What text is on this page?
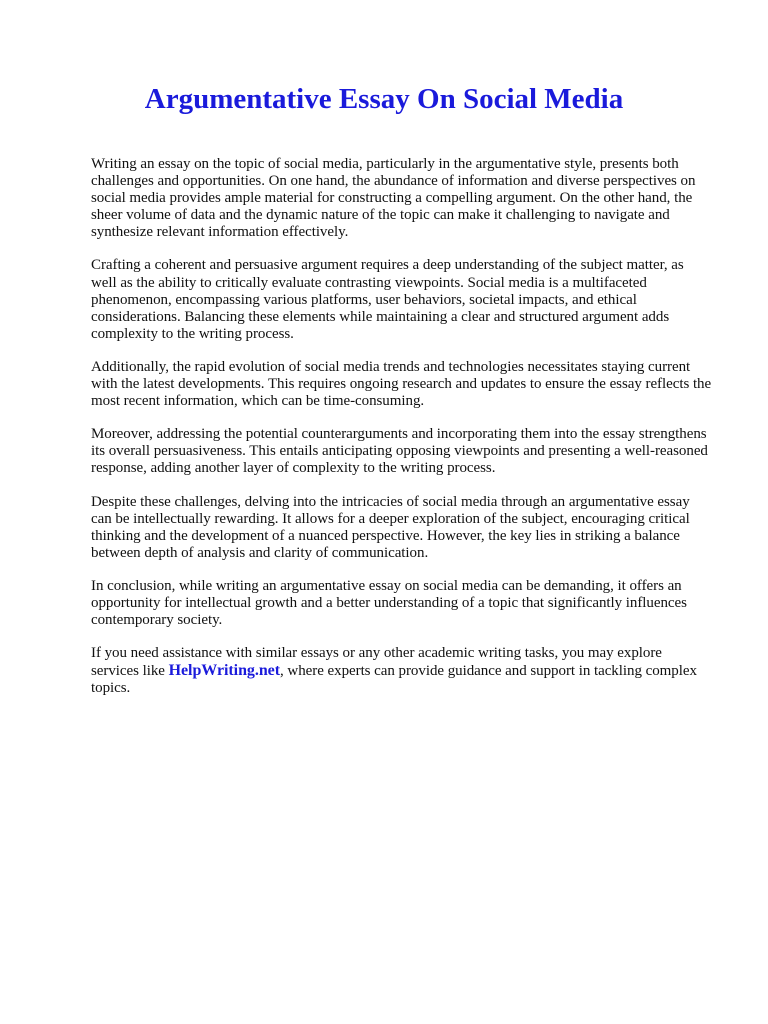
Argumentative Essay On Social Media

Writing an essay on the topic of social media, particularly in the argumentative style, presents both challenges and opportunities. On one hand, the abundance of information and diverse perspectives on social media provides ample material for constructing a compelling argument. On the other hand, the sheer volume of data and the dynamic nature of the topic can make it challenging to navigate and synthesize relevant information effectively.

Crafting a coherent and persuasive argument requires a deep understanding of the subject matter, as well as the ability to critically evaluate contrasting viewpoints. Social media is a multifaceted phenomenon, encompassing various platforms, user behaviors, societal impacts, and ethical considerations. Balancing these elements while maintaining a clear and structured argument adds complexity to the writing process.

Additionally, the rapid evolution of social media trends and technologies necessitates staying current with the latest developments. This requires ongoing research and updates to ensure the essay reflects the most recent information, which can be time-consuming.

Moreover, addressing the potential counterarguments and incorporating them into the essay strengthens its overall persuasiveness. This entails anticipating opposing viewpoints and presenting a well-reasoned response, adding another layer of complexity to the writing process.

Despite these challenges, delving into the intricacies of social media through an argumentative essay can be intellectually rewarding. It allows for a deeper exploration of the subject, encouraging critical thinking and the development of a nuanced perspective. However, the key lies in striking a balance between depth of analysis and clarity of communication.

In conclusion, while writing an argumentative essay on social media can be demanding, it offers an opportunity for intellectual growth and a better understanding of a topic that significantly influences contemporary society.

If you need assistance with similar essays or any other academic writing tasks, you may explore services like HelpWriting.net, where experts can provide guidance and support in tackling complex topics.
